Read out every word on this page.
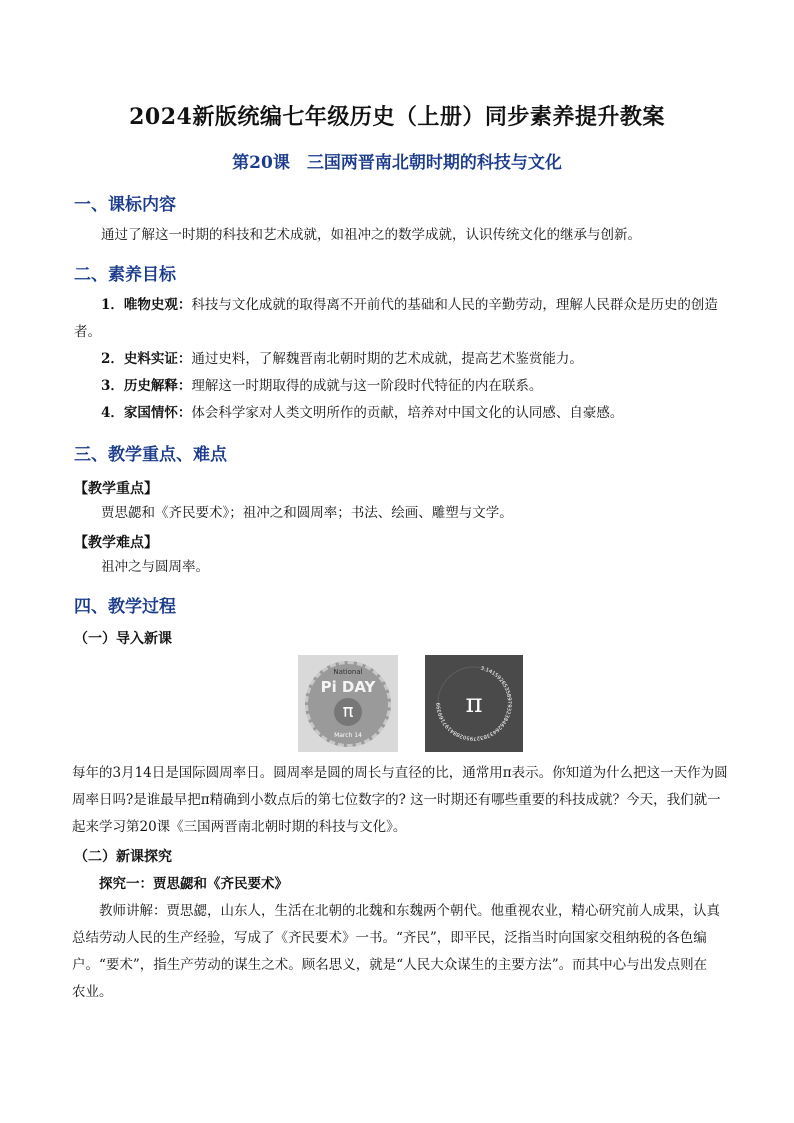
2024新版统编七年级历史（上册）同步素养提升教案
第20课　三国两晋南北朝时期的科技与文化
一、课标内容

通过了解这一时期的科技和艺术成就，如祖冲之的数学成就，认识传统文化的继承与创新。

二、素养目标

1．唯物史观：科技与文化成就的取得离不开前代的基础和人民的辛勤劳动，理解人民群众是历史的创造者。

2．史料实证：通过史料，了解魏晋南北朝时期的艺术成就，提高艺术鉴赏能力。

3．历史解释：理解这一时期取得的成就与这一阶段时代特征的内在联系。

4．家国情怀：体会科学家对人类文明所作的贡献，培养对中国文化的认同感、自豪感。

三、教学重点、难点
【教学重点】

贾思勰和《齐民要术》；祖冲之和圆周率；书法、绘画、雕塑与文学。

【教学难点】

祖冲之与圆周率。

四、教学过程
（一）导入新课
National
Pi DAY
π
March 14
3.141592653589793238462643383279502884197169399 π

每年的3月14日是国际圆周率日。圆周率是圆的周长与直径的比，通常用π表示。你知道为什么把这一天作为圆周率日吗?是谁最早把π精确到小数点后的第七位数字的? 这一时期还有哪些重要的科技成就？今天，我们就一起来学习第20课《三国两晋南北朝时期的科技与文化》。

（二）新课探究

探究一：贾思勰和《齐民要术》

教师讲解：贾思勰，山东人，生活在北朝的北魏和东魏两个朝代。他重视农业，精心研究前人成果，认真总结劳动人民的生产经验，写成了《齐民要术》一书。“齐民”，即平民，泛指当时向国家交租纳税的各色编户。“要术”，指生产劳动的谋生之术。顾名思义，就是“人民大众谋生的主要方法”。而其中心与出发点则在农业。
